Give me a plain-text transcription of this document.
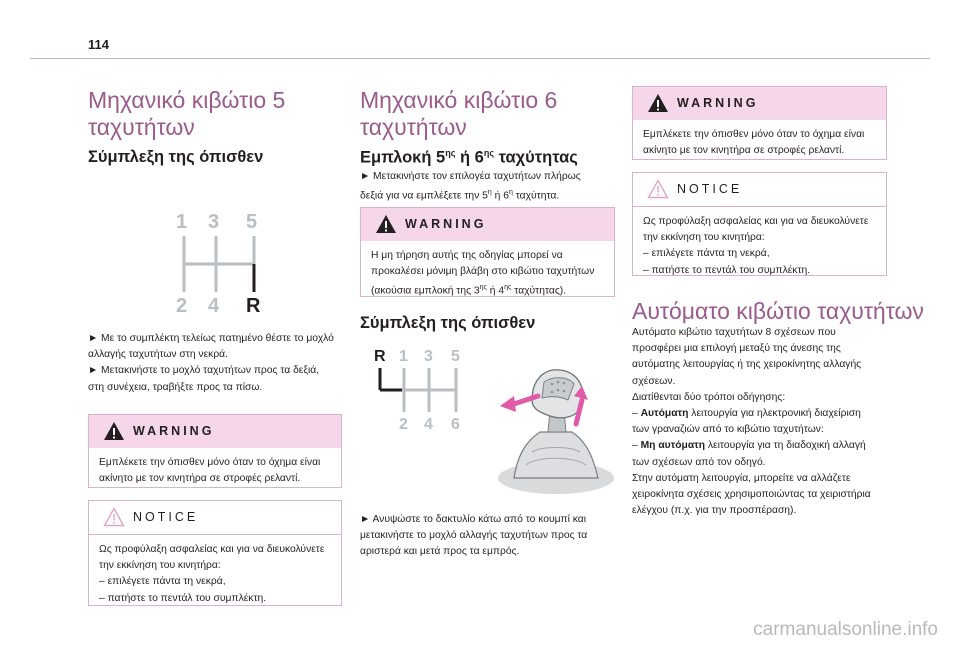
114
Μηχανικό κιβώτιο 5
ταχυτήτων
Σύμπλεξη της όπισθεν
1 3 5
2 4 R

► Με το συμπλέκτη τελείως πατημένο θέστε το μοχλό

αλλαγής ταχυτήτων στη νεκρά.

► Μετακινήστε το μοχλό ταχυτήτων προς τα δεξιά,

στη συνέχεια, τραβήξτε προς τα πίσω.

WARNING
Εμπλέκετε την όπισθεν μόνο όταν το όχημα είναι
ακίνητο με τον κινητήρα σε στροφές ρελαντί.
NOTICE
Ως προφύλαξη ασφαλείας και για να διευκολύνετε
την εκκίνηση του κινητήρα:
– επιλέγετε πάντα τη νεκρά,
– πατήστε το πεντάλ του συμπλέκτη.
Μηχανικό κιβώτιο 6
ταχυτήτων
Εμπλοκή $5^{\eta\varsigma}$ ή $6^{\eta\varsigma}$ ταχύτητας

► Μετακινήστε τον επιλογέα ταχυτήτων πλήρως

δεξιά για να εμπλέξετε την $5^\eta$ ή $6^\eta$ ταχύτητα.

WARNING
Η μη τήρηση αυτής της οδηγίας μπορεί να
προκαλέσει μόνιμη βλάβη στο κιβώτιο ταχυτήτων
(ακούσια εμπλοκή της $3^{\eta\varsigma}$ ή $4^{\eta\varsigma}$ ταχύτητας).
Σύμπλεξη της όπισθεν
R 1 3 5
2 4 6

► Ανυψώστε το δακτυλίο κάτω από το κουμπί και

μετακινήστε το μοχλό αλλαγής ταχυτήτων προς τα

αριστερά και μετά προς τα εμπρός.

WARNING
Εμπλέκετε την όπισθεν μόνο όταν το όχημα είναι
ακίνητο με τον κινητήρα σε στροφές ρελαντί.
NOTICE
Ως προφύλαξη ασφαλείας και για να διευκολύνετε
την εκκίνηση του κινητήρα:
– επιλέγετε πάντα τη νεκρά,
– πατήστε το πεντάλ του συμπλέκτη.
Αυτόματο κιβώτιο ταχυτήτων

Αυτόματο κιβώτιο ταχυτήτων 8 σχέσεων που

προσφέρει μια επιλογή μεταξύ της άνεσης της

αυτόματης λειτουργίας ή της χειροκίνητης αλλαγής

σχέσεων.

Διατίθενται δύο τρόποι οδήγησης:

– Αυτόματη λειτουργία για ηλεκτρονική διαχείριση

των γραναζιών από το κιβώτιο ταχυτήτων:

– Μη αυτόματη λειτουργία για τη διαδοχική αλλαγή

των σχέσεων από τον οδηγό.

Στην αυτόματη λειτουργία, μπορείτε να αλλάζετε

χειροκίνητα σχέσεις χρησιμοποιώντας τα χειριστήρια

ελέγχου (π.χ. για την προσπέραση).

carmanualsonline.info
